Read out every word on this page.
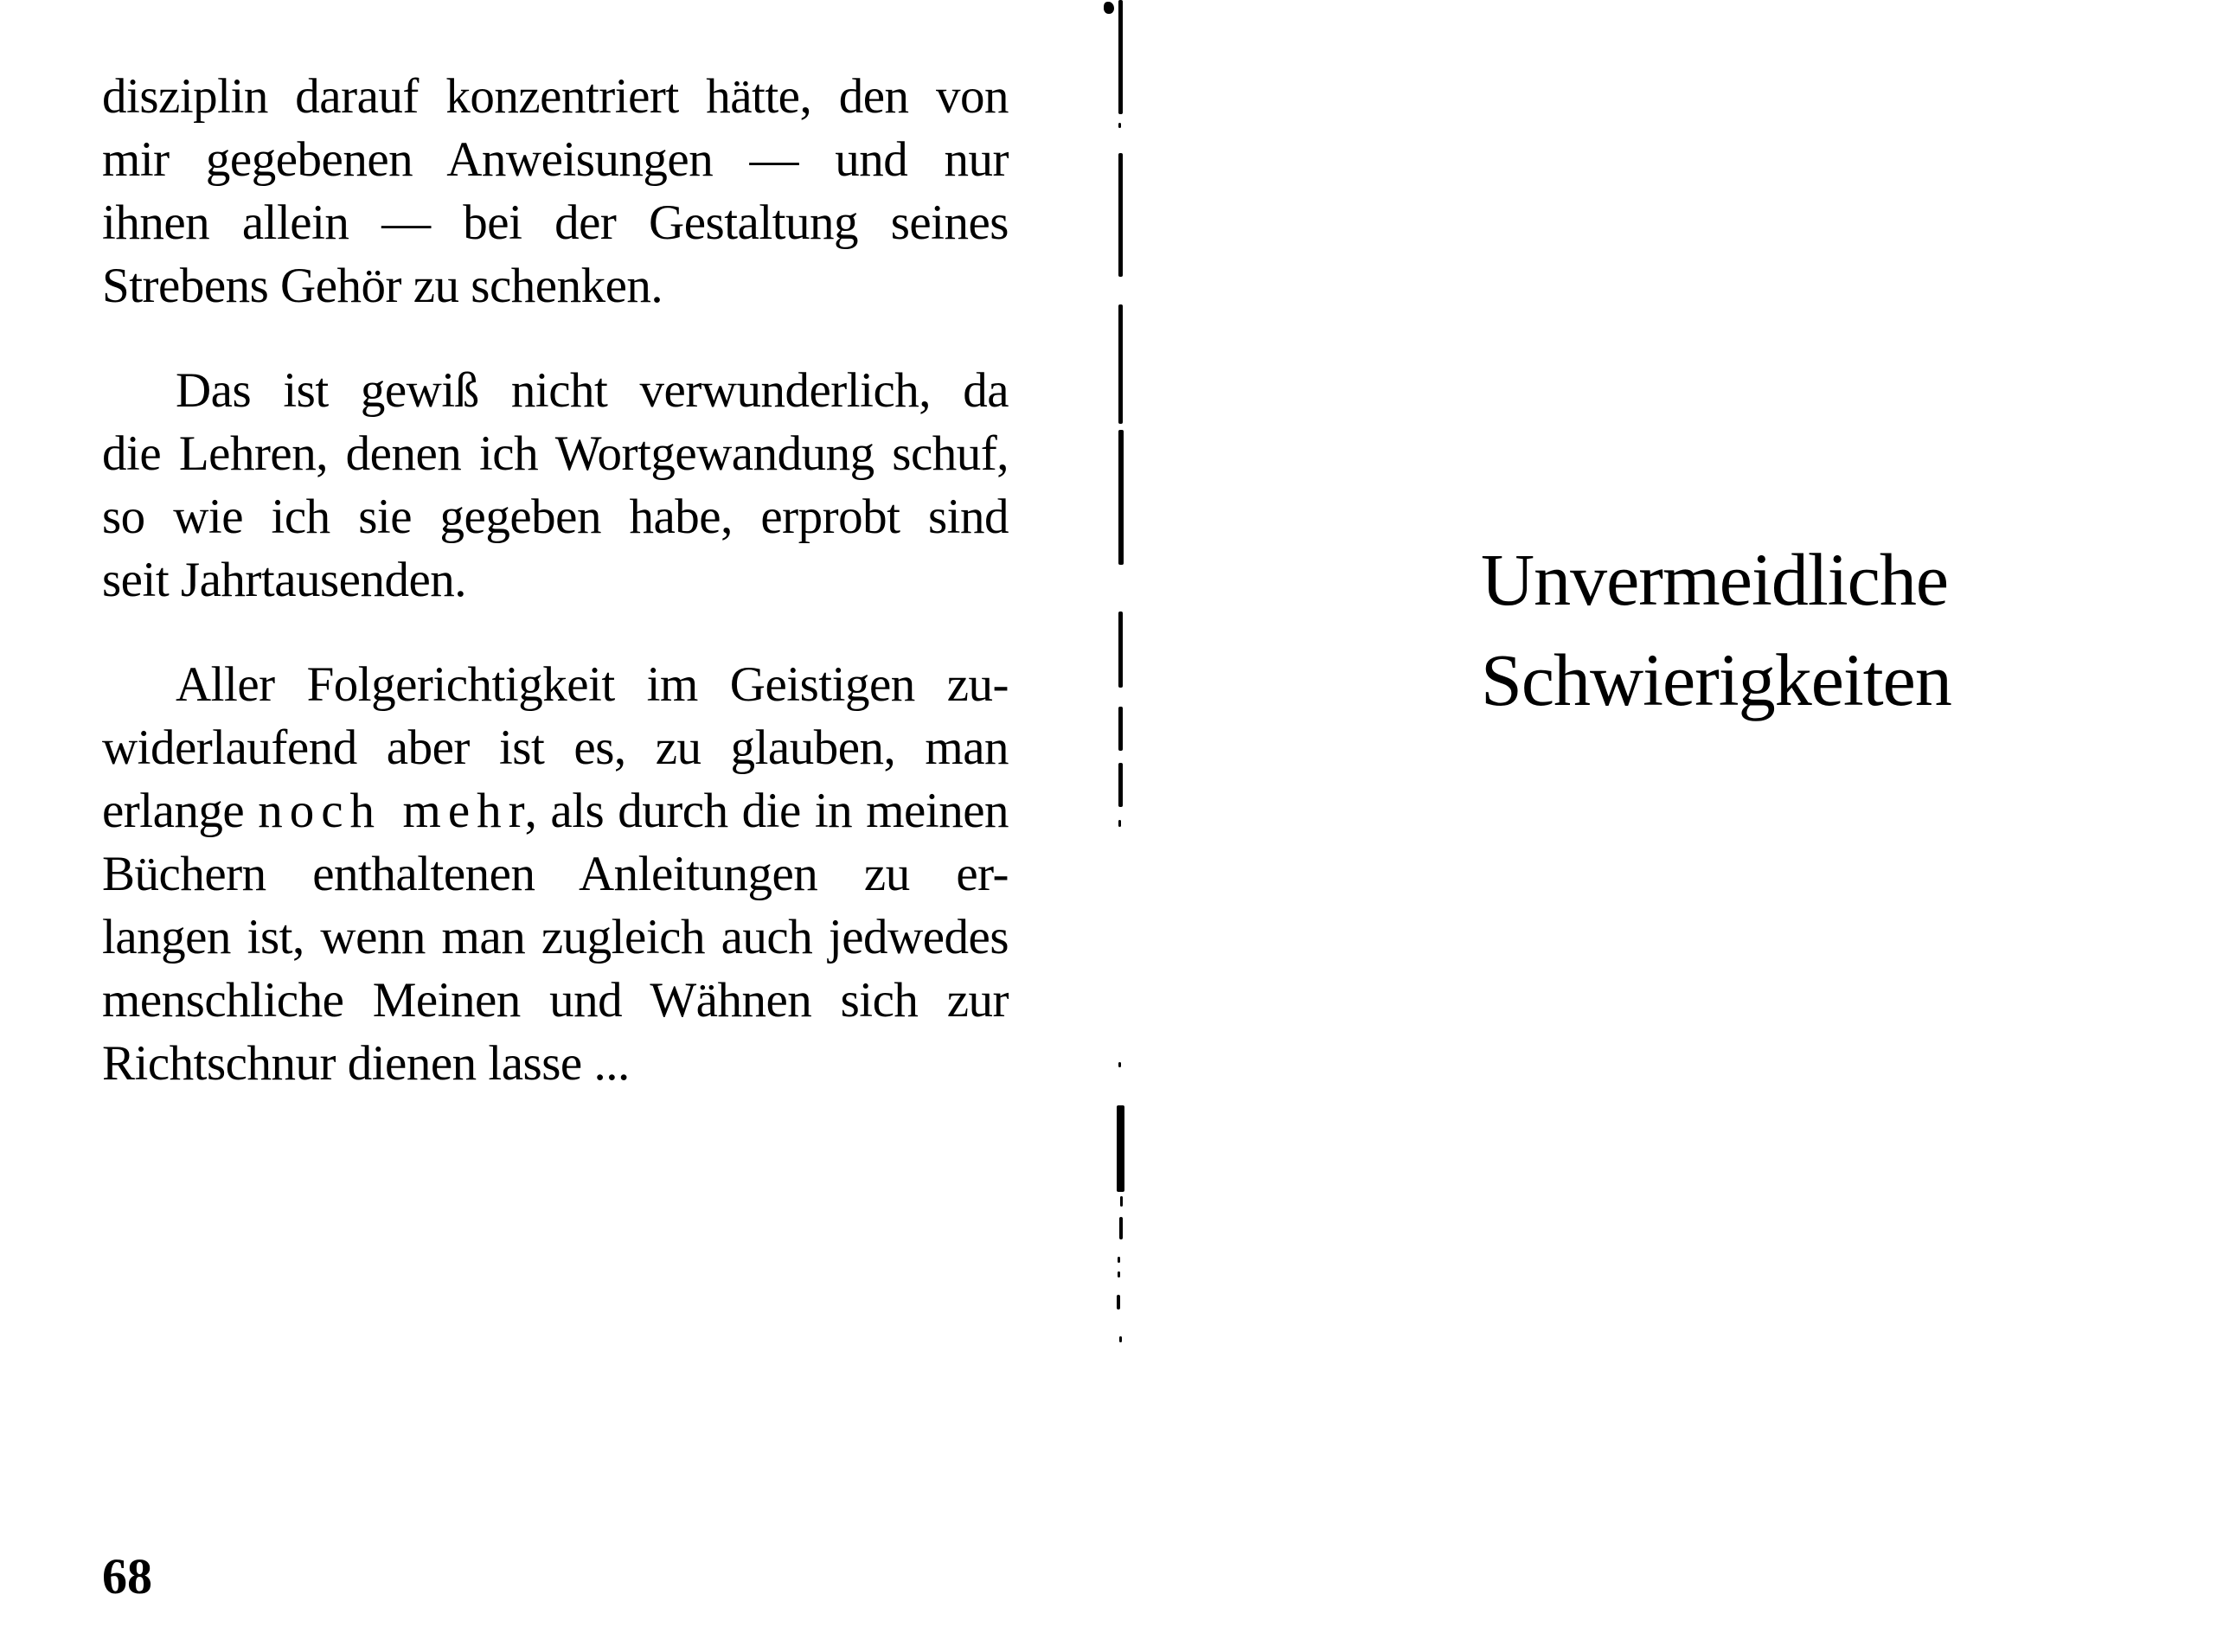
disziplin darauf konzentriert hätte, den von
mir gegebenen Anweisungen — und nur
ihnen allein — bei der Gestaltung seines
Strebens Gehör zu schenken.
Das ist gewiß nicht verwunderlich, da
die Lehren, denen ich Wortgewandung schuf,
so wie ich sie gegeben habe, erprobt sind
seit Jahrtausenden.
Aller Folgerichtigkeit im Geistigen zu-
widerlaufend aber ist es, zu glauben, man
erlange noch mehr, als durch die in meinen
Büchern enthaltenen Anleitungen zu er-
langen ist, wenn man zugleich auch jedwedes
menschliche Meinen und Wähnen sich zur
Richtschnur dienen lasse ...
68
Unvermeidliche
Schwierigkeiten
